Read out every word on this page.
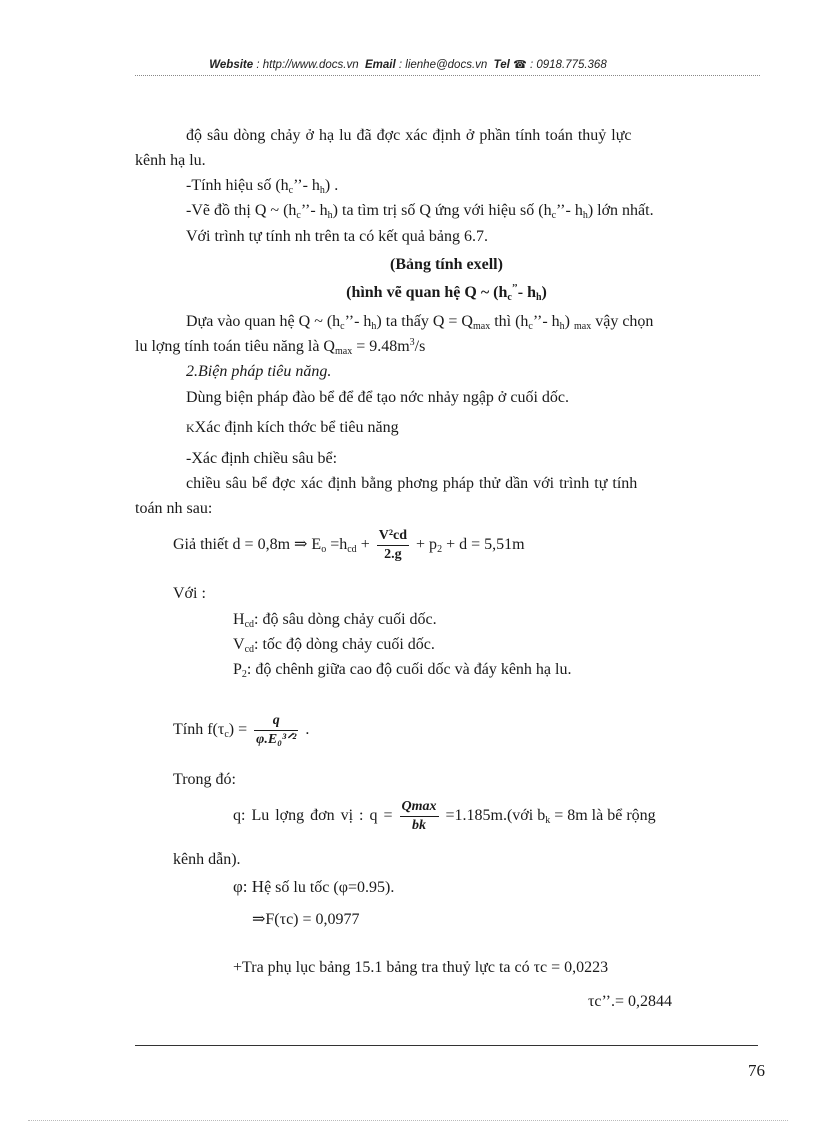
Website : http://www.docs.vn Email : lienhe@docs.vn Tel ☎ : 0918.775.368
độ sâu dòng chảy ở hạ lu đã đợc xác định ở phần tính toán thuỷ lực
kênh hạ lu.
-Tính hiệu số ($h_c’’-$ $h_h$) .
-Vẽ đồ thị Q ~ ($h_c’’-$ $h_h$) ta tìm trị số Q ứng với hiệu số ($h_c’’-$ $h_h$) lớn nhất.
Với trình tự tính nh trên ta có kết quả bảng 6.7.
(Bảng tính exell)
(hình vẽ quan hệ Q ~ ($h_c^{’’}-$ $h_h$)
Dựa vào quan hệ Q ~ ($h_c’’-$ $h_h$) ta thấy $Q = Q_{max}$ thì ($h_c’’-$ $h_h$) $_{max}$ vậy chọn
lu lợng tính toán tiêu năng là $Q_{max} = 9.48m^3/s$
2.Biện pháp tiêu năng.
Dùng biện pháp đào bể để để tạo nớc nhảy ngập ở cuối dốc.
KXác định kích thớc bể tiêu năng
-Xác định chiều sâu bể:
chiều sâu bể đợc xác định bằng phơng pháp thử dần với trình tự tính
toán nh sau:
Giả thiết d = 0,8m ⇒ $E_o =h_{cd} + \frac{\text{V²cd}}{2.g} + p_2 + d = 5,51m$
Với :
$H_{cd}$: độ sâu dòng chảy cuối dốc.
$V_{cd}$: tốc độ dòng chảy cuối dốc.
$P_2$: độ chênh giữa cao độ cuối dốc và đáy kênh hạ lu.
Tính $f(\tau_c) = \frac{q}{\text{φ.E₀³ᐟ²}}$ .
Trong đó:
q: Lu lợng đơn vị : $q = \frac{Qmax}{bk}$ =1.185m.(với $b_k = 8m$ là bể rộng
kênh dẫn).
φ: Hệ số lu tốc (φ=0.95).
⇒F(τc) = 0,0977
+Tra phụ lục bảng 15.1 bảng tra thuỷ lực ta có τc = 0,0223
τc’’.= 0,2844
76
